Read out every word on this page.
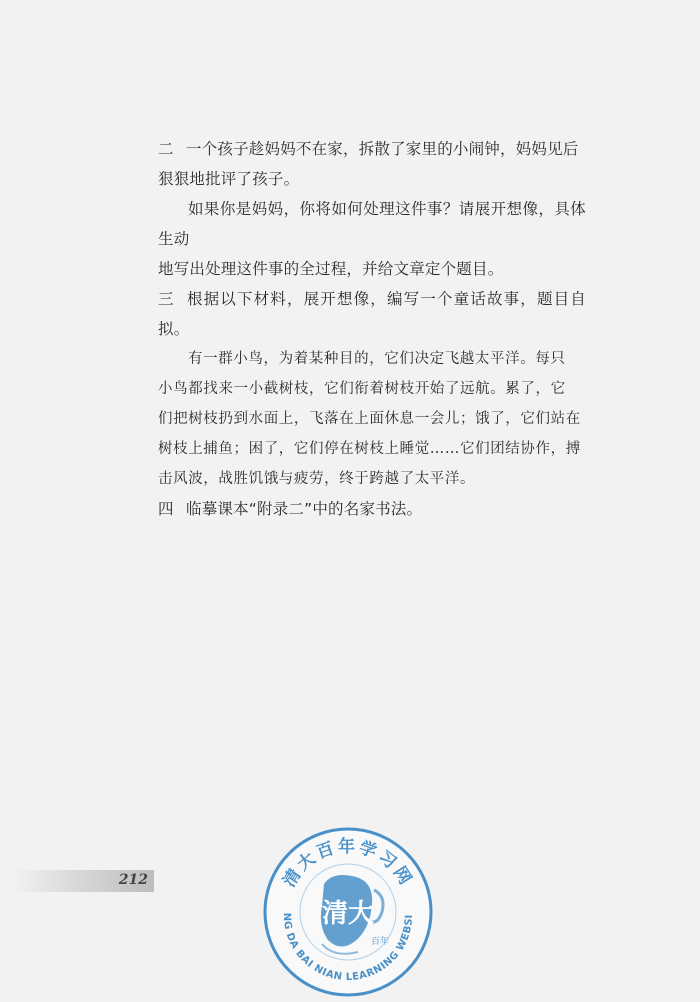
二 一个孩子趁妈妈不在家，拆散了家里的小闹钟，妈妈见后

狠狠地批评了孩子。

如果你是妈妈，你将如何处理这件事？请展开想像，具体生动

地写出处理这件事的全过程，并给文章定个题目。

三 根据以下材料，展开想像，编写一个童话故事，题目自拟。

有一群小鸟，为着某种目的，它们决定飞越太平洋。每只

小鸟都找来一小截树枝，它们衔着树枝开始了远航。累了，它

们把树枝扔到水面上，飞落在上面休息一会儿；饿了，它们站在

树枝上捕鱼；困了，它们停在树枝上睡觉……它们团结协作，搏

击风波，战胜饥饿与疲劳，终于跨越了太平洋。

四 临摹课本“附录二”中的名家书法。

212	清大百年学习网
NG DA BAI NIAN LEARNING WEBSI
清大
百年
